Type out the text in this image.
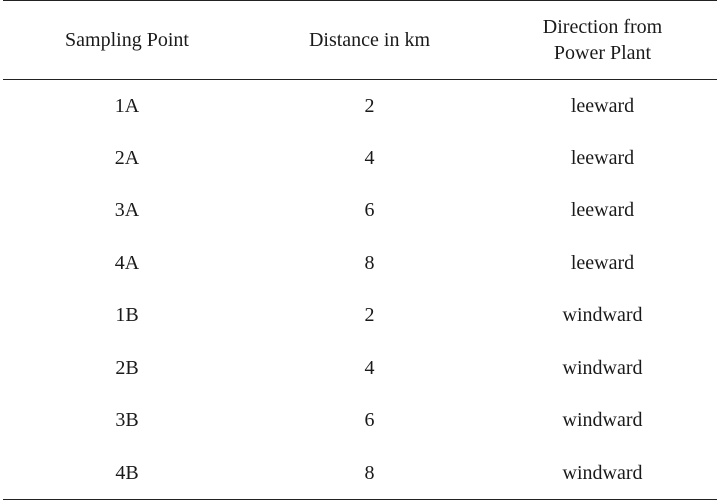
Sampling Point	Distance in km	Direction from
Power Plant

1A	2	leeward
2A	4	leeward
3A	6	leeward
4A	8	leeward
1B	2	windward
2B	4	windward
3B	6	windward
4B	8	windward
